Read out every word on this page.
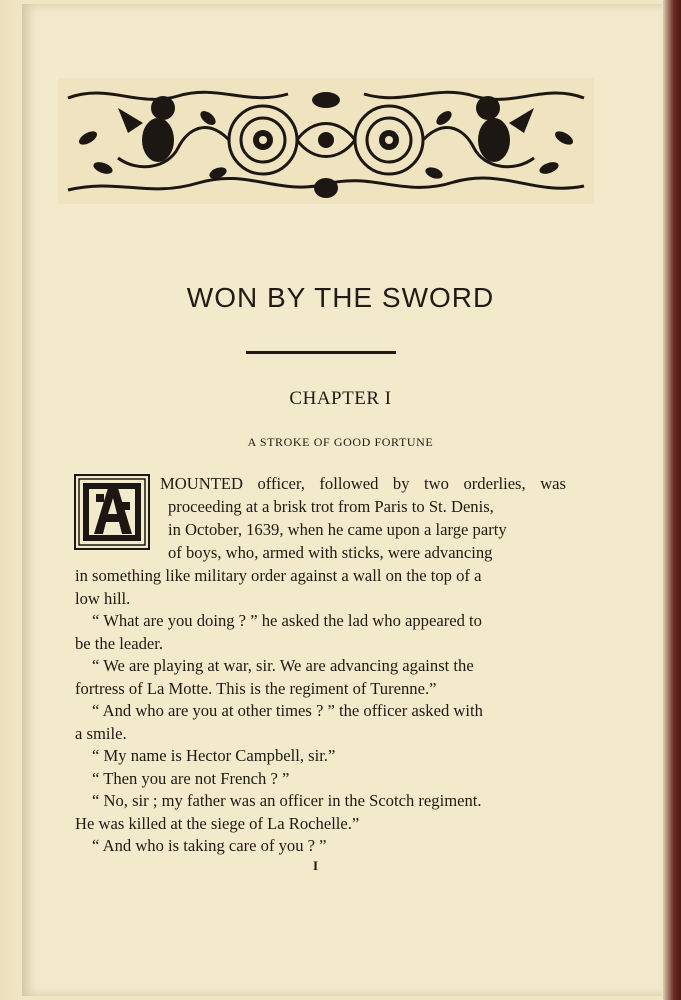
WON BY THE SWORD
CHAPTER I
A STROKE OF GOOD FORTUNE
MOUNTED officer, followed by two orderlies, was
proceeding at a brisk trot from Paris to St. Denis,
in October, 1639, when he came upon a large party
of boys, who, armed with sticks, were advancing
in something like military order against a wall on the top of a
low hill.
“ What are you doing ? ” he asked the lad who appeared to
be the leader.
“ We are playing at war, sir. We are advancing against the
fortress of La Motte. This is the regiment of Turenne.”
“ And who are you at other times ? ” the officer asked with
a smile.
“ My name is Hector Campbell, sir.”
“ Then you are not French ? ”
“ No, sir ; my father was an officer in the Scotch regiment.
He was killed at the siege of La Rochelle.”
“ And who is taking care of you ? ”
I
